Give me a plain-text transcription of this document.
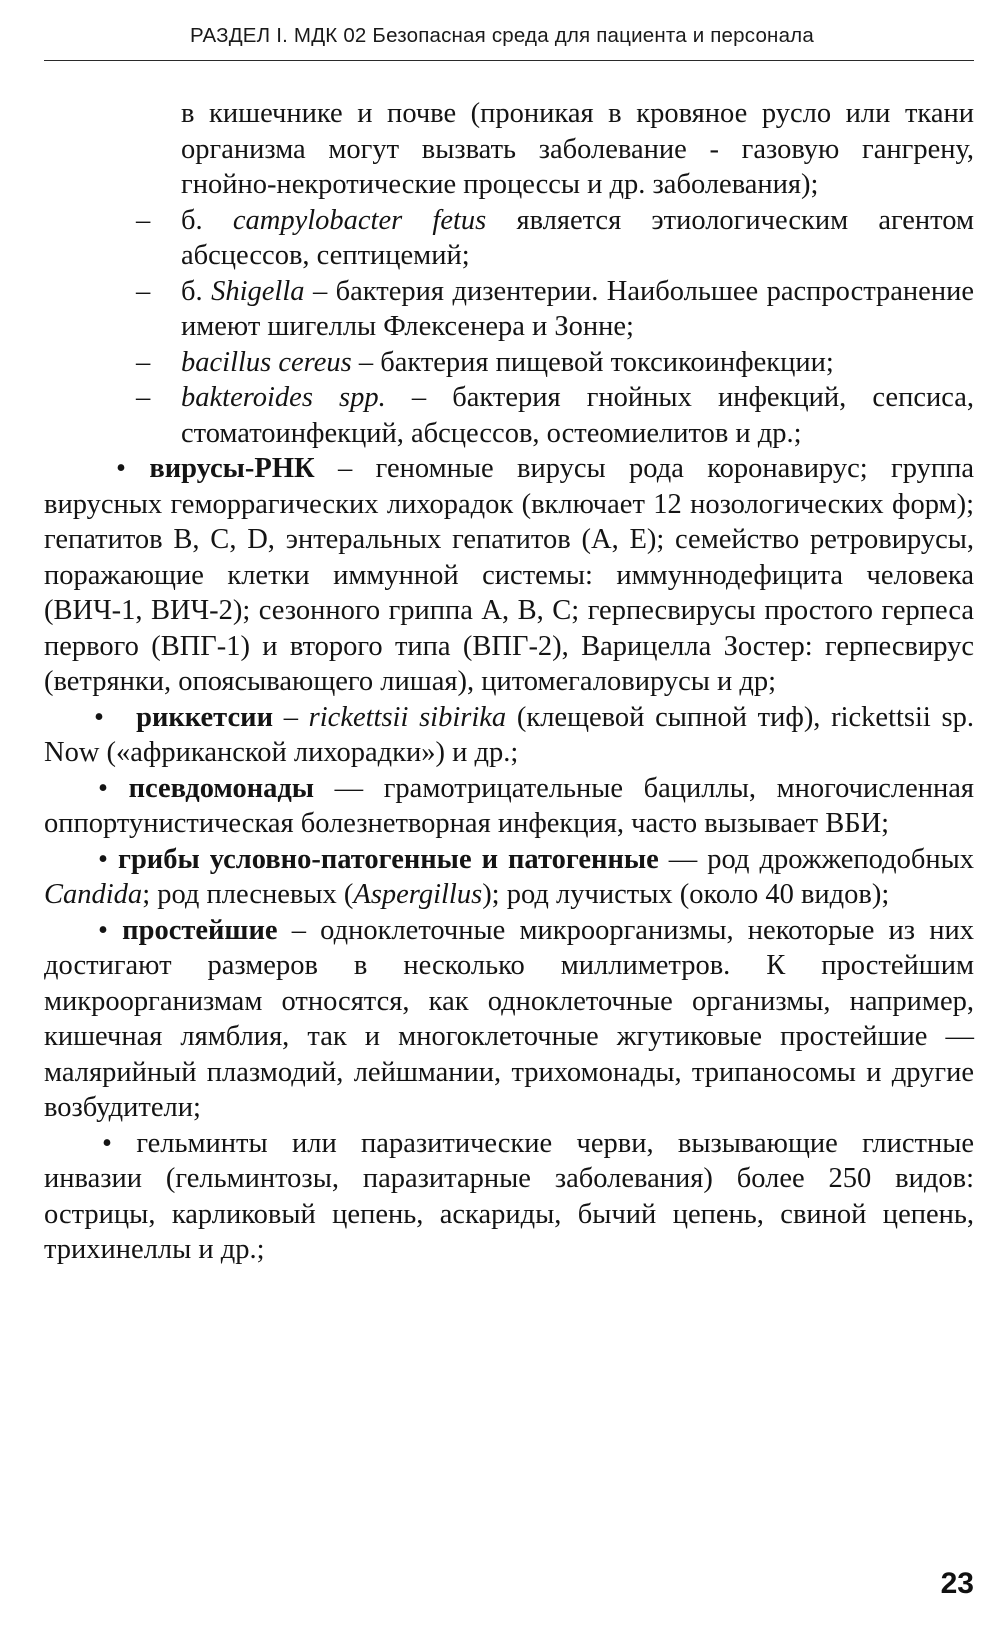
РАЗДЕЛ I. МДК 02 Безопасная среда для пациента и персонала

в кишечнике и почве (проникая в кровяное русло или ткани организма могут вызвать заболевание - газовую гангрену, гнойно-некротические процессы и др. заболевания);

– б. campylobacter fetus является этиологическим агентом абсцессов, септицемий;

– б. Shigella – бактерия дизентерии. Наибольшее распространение имеют шигеллы Флексенера и Зонне;

– bacillus cereus – бактерия пищевой токсикоинфекции;

– bakteroides spp. – бактерия гнойных инфекций, сепсиса, стоматоинфекций, абсцессов, остеомиелитов и др.;

• вирусы-РНК – геномные вирусы рода коронавирус; группа вирусных геморрагических лихорадок (включает 12 нозологических форм); гепатитов В, С, D, энтеральных гепатитов (А, Е); семейство ретровирусы, поражающие клетки иммунной системы: иммуннодефицита человека (ВИЧ-1, ВИЧ-2); сезонного гриппа А, В, С; герпесвирусы простого герпеса первого (ВПГ-1) и второго типа (ВПГ-2), Варицелла Зостер: герпесвирус (ветрянки, опоясывающего лишая), цитомегаловирусы и др;

• риккетсии – rickettsii sibirika (клещевой сыпной тиф), rickettsii sp. Now («африканской лихорадки») и др.;

• псевдомонады — грамотрицательные бациллы, многочисленная оппортунистическая болезнетворная инфекция, часто вызывает ВБИ;

• грибы условно-патогенные и патогенные — род дрожжеподобных Candida; род плесневых (Aspergillus); род лучистых (около 40 видов);

• простейшие – одноклеточные микроорганизмы, некоторые из них достигают размеров в несколько миллиметров. К простейшим микроорганизмам относятся, как одноклеточные организмы, например, кишечная лямблия, так и многоклеточные жгутиковые простейшие — малярийный плазмодий, лейшмании, трихомонады, трипаносомы и другие возбудители;

• гельминты или паразитические черви, вызывающие глистные инвазии (гельминтозы, паразитарные заболевания) более 250 видов: острицы, карликовый цепень, аскариды, бычий цепень, свиной цепень, трихинеллы и др.;

23
